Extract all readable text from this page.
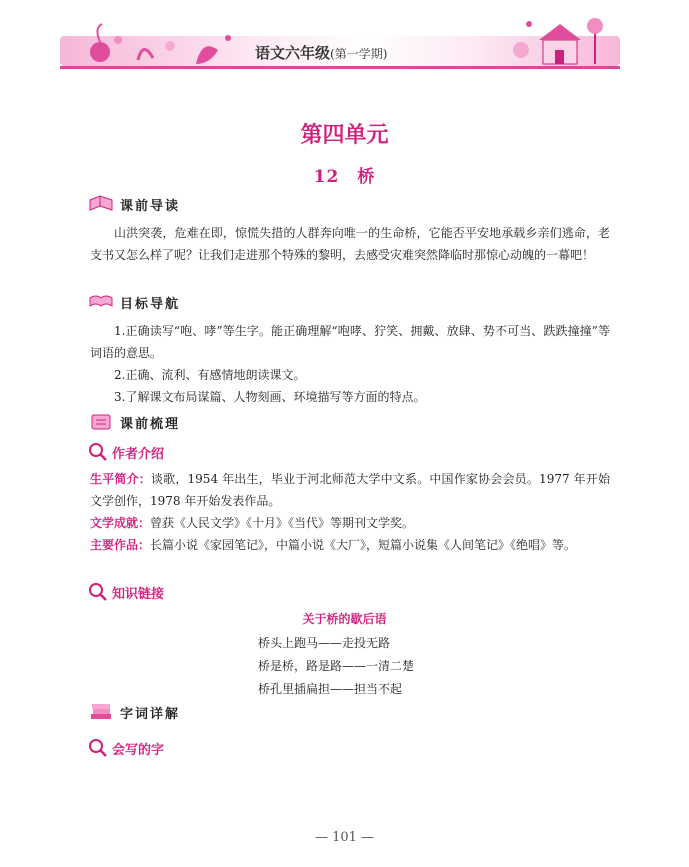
语文六年级(第一学期)
第四单元
12　桥
课前导读
山洪突袭，危难在即，惊慌失措的人群奔向唯一的生命桥，它能否平安地承载乡亲们逃命，老支书又怎么样了呢？让我们走进那个特殊的黎明，去感受灾难突然降临时那惊心动魄的一幕吧！
目标导航
1.正确读写“咆、哮”等生字。能正确理解“咆哮、狞笑、拥戴、放肆、势不可当、跌跌撞撞”等词语的意思。
2.正确、流利、有感情地朗读课文。
3.了解课文布局谋篇、人物刻画、环境描写等方面的特点。
课前梳理
作者介绍
生平简介：谈歌，1954 年出生，毕业于河北师范大学中文系。中国作家协会会员。1977 年开始文学创作，1978 年开始发表作品。
文学成就：曾获《人民文学》《十月》《当代》等期刊文学奖。
主要作品：长篇小说《家园笔记》，中篇小说《大厂》，短篇小说集《人间笔记》《绝唱》等。
知识链接
关于桥的歇后语
桥头上跑马——走投无路
桥是桥，路是路——一清二楚
桥孔里插扁担——担当不起
字词详解
会写的字
— 101 —
